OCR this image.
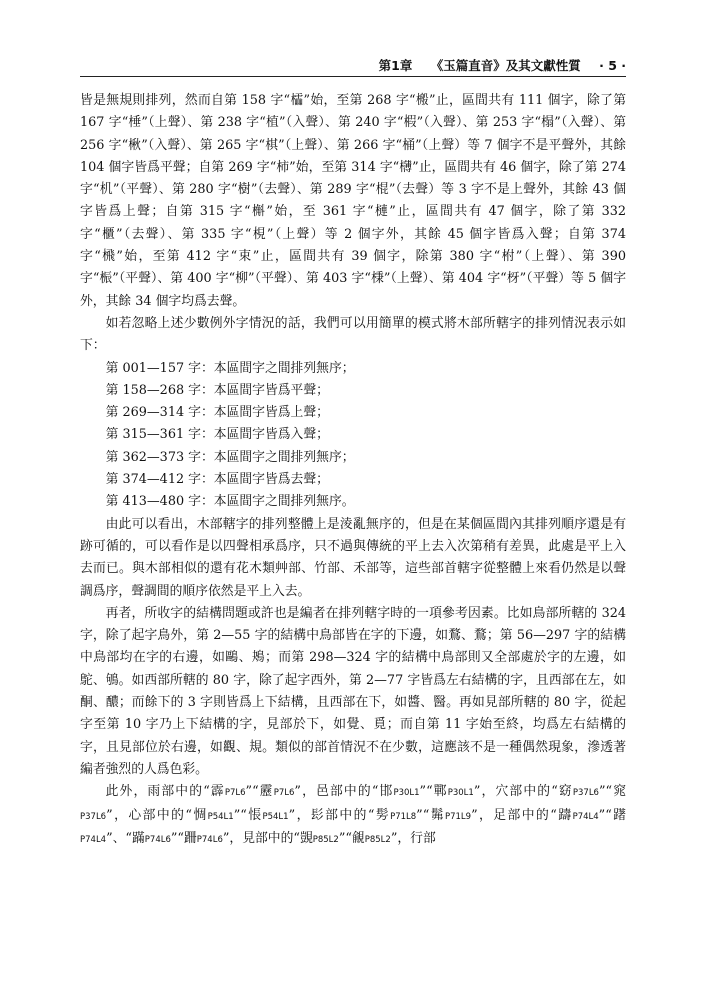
第1章 《玉篇直音》及其文獻性質 · 5 ·

皆是無規則排列，然而自第 158 字“櫺”始，至第 268 字“㮽”止，區間共有 111 個字，除了第 167 字“棰”（上聲）、第 238 字“植”（入聲）、第 240 字“椵”（入聲）、第 253 字“榻”（入聲）、第 256 字“楸”（入聲）、第 265 字“棋”（上聲）、第 266 字“桶”（上聲）等 7 個字不是平聲外，其餘 104 個字皆爲平聲；自第 269 字“柿”始，至第 314 字“欂”止，區間共有 46 個字，除了第 274 字“机”（平聲）、第 280 字“樹”（去聲）、第 289 字“棍”（去聲）等 3 字不是上聲外，其餘 43 個字皆爲上聲；自第 315 字“槲”始，至 361 字“槤”止，區間共有 47 個字，除了第 332 字“櫃”（去聲）、第 335 字“梘”（上聲）等 2 個字外，其餘 45 個字皆爲入聲；自第 374 字“榌”始，至第 412 字“束”止，區間共有 39 個字，除第 380 字“柎”（上聲）、第 390 字“桭”（平聲）、第 400 字“柳”（平聲）、第 403 字“棅”（上聲）、第 404 字“枒”（平聲）等 5 個字外，其餘 34 個字均爲去聲。

如若忽略上述少數例外字情況的話，我們可以用簡單的模式將木部所轄字的排列情況表示如下：

第 001—157 字：本區間字之間排列無序；

第 158—268 字：本區間字皆爲平聲；

第 269—314 字：本區間字皆爲上聲；

第 315—361 字：本區間字皆爲入聲；

第 362—373 字：本區間字之間排列無序；

第 374—412 字：本區間字皆爲去聲；

第 413—480 字：本區間字之間排列無序。

由此可以看出，木部轄字的排列整體上是淩亂無序的，但是在某個區間內其排列順序還是有跡可循的，可以看作是以四聲相承爲序，只不過與傳統的平上去入次第稍有差異，此處是平上入去而已。與木部相似的還有花木類艸部、竹部、禾部等，這些部首轄字從整體上來看仍然是以聲調爲序，聲調間的順序依然是平上入去。

再者，所收字的結構問題或許也是編者在排列轄字時的一項參考因素。比如鳥部所轄的 324 字，除了起字鳥外，第 2—55 字的結構中鳥部皆在字的下邊，如鶩、鶩；第 56—297 字的結構中鳥部均在字的右邊，如鷗、鴂；而第 298—324 字的結構中鳥部則又全部處於字的左邊，如鴕、鴝。如西部所轄的 80 字，除了起字西外，第 2—77 字皆爲左右結構的字，且西部在左，如酮、醲；而餘下的 3 字則皆爲上下結構，且西部在下，如醬、醫。再如見部所轄的 80 字，從起字至第 10 字乃上下結構的字，見部於下，如覺、覓；而自第 11 字始至終，均爲左右結構的字，且見部位於右邊，如觀、規。類似的部首情況不在少數，這應該不是一種偶然現象，滲透著編者強烈的人爲色彩。

此外，雨部中的“霹P7L6”“靂P7L6”，邑部中的“邯P30L1”“鄲P30L1”，穴部中的“窈P37L6”“窕P37L6”，心部中的“惆P54L1”“悵P54L1”，髟部中的“髣P71L8”“髴P71L9”，足部中的“躊P74L4”“躇P74L4”、“蹣P74L6”“跚P74L6”，見部中的“覬P85L2”“覦P85L2”，行部
